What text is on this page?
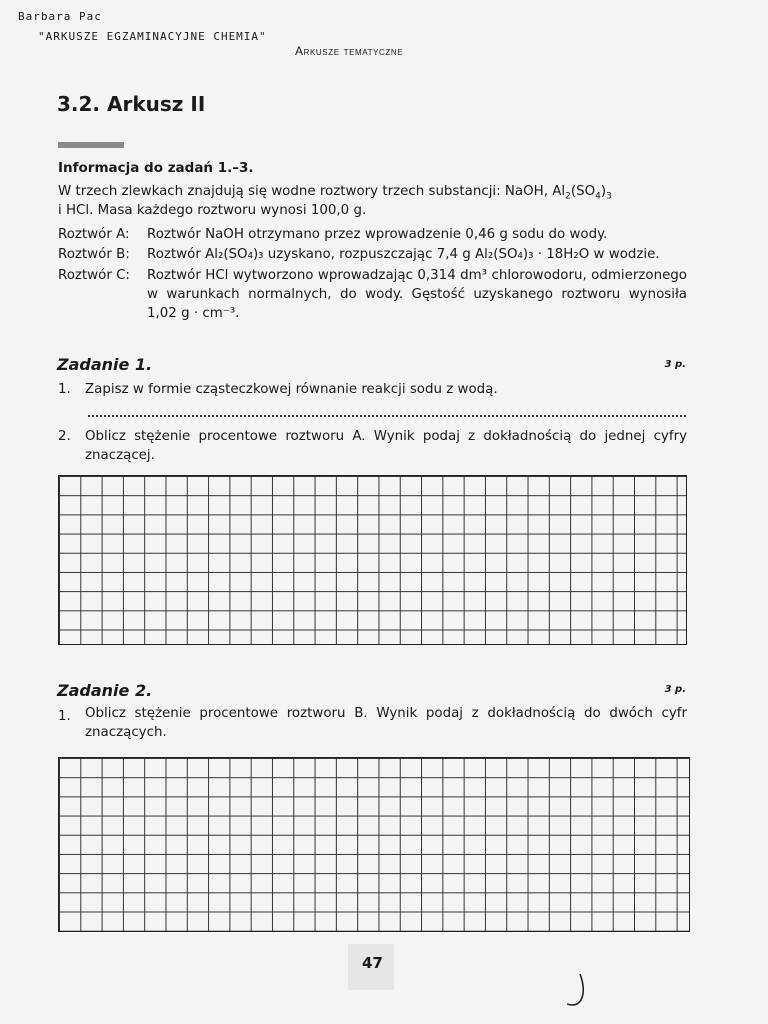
Barbara Pac
"ARKUSZE EGZAMINACYJNE CHEMIA"
Arkusze tematyczne
3.2. Arkusz II
Informacja do zadań 1.–3.
W trzech zlewkach znajdują się wodne roztwory trzech substancji: NaOH, $Al_2(SO_4)_3$
i HCl. Masa każdego roztworu wynosi 100,0 g.
Roztwór A: Roztwór NaOH otrzymano przez wprowadzenie 0,46 g sodu do wody.
Roztwór B: Roztwór Al₂(SO₄)₃ uzyskano, rozpuszczając 7,4 g Al₂(SO₄)₃ · 18H₂O w wodzie.
Roztwór C: Roztwór HCl wytworzono wprowadzając 0,314 dm³ chlorowodoru, odmierzonego w warunkach normalnych, do wody. Gęstość uzyskanego roztworu wynosiła 1,02 g · cm⁻³.
Zadanie 1.	3 p.
1. Zapisz w formie cząsteczkowej równanie reakcji sodu z wodą.
2. Oblicz stężenie procentowe roztworu A. Wynik podaj z dokładnością do jednej cyfry znaczącej.
Zadanie 2.	3 p.
1. Oblicz stężenie procentowe roztworu B. Wynik podaj z dokładnością do dwóch cyfr znaczących.
47
